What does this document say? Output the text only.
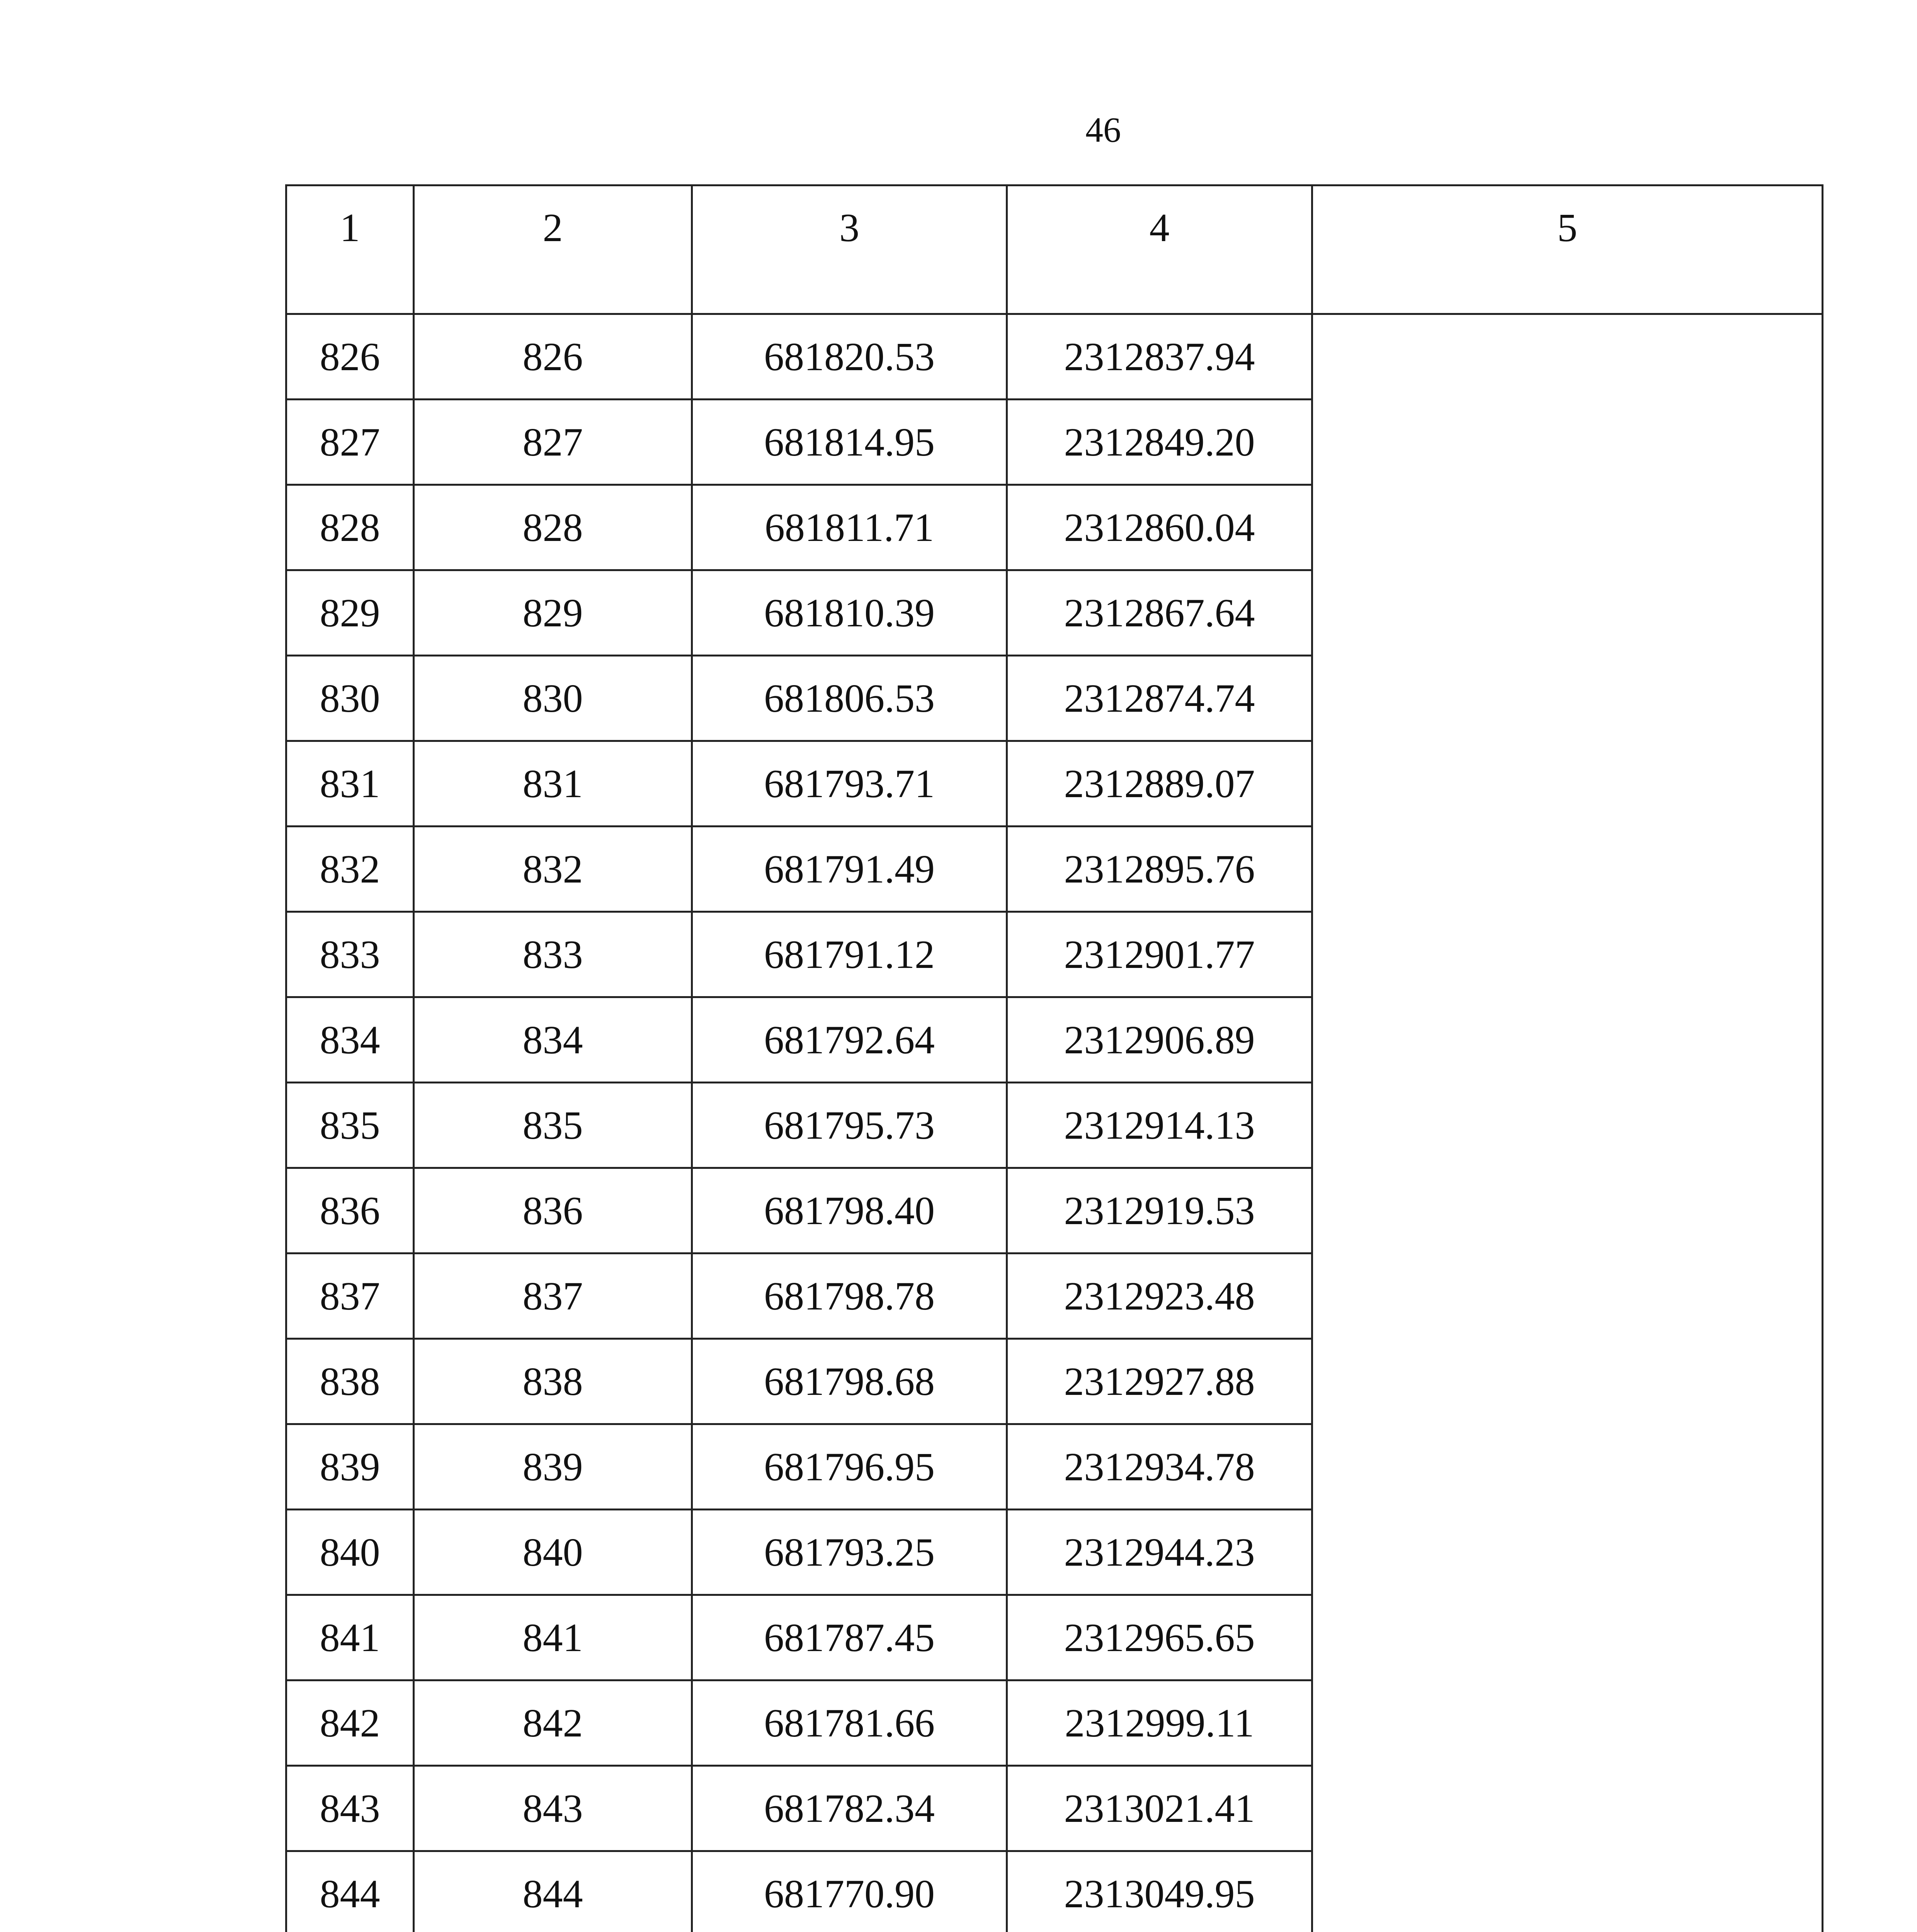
46
1	2	3	4	5
826	826	681820.53	2312837.94	
827	827	681814.95	2312849.20	
828	828	681811.71	2312860.04	
829	829	681810.39	2312867.64	
830	830	681806.53	2312874.74	
831	831	681793.71	2312889.07	
832	832	681791.49	2312895.76	
833	833	681791.12	2312901.77	
834	834	681792.64	2312906.89	
835	835	681795.73	2312914.13	
836	836	681798.40	2312919.53	
837	837	681798.78	2312923.48	
838	838	681798.68	2312927.88	
839	839	681796.95	2312934.78	
840	840	681793.25	2312944.23	
841	841	681787.45	2312965.65	
842	842	681781.66	2312999.11	
843	843	681782.34	2313021.41	
844	844	681770.90	2313049.95	
